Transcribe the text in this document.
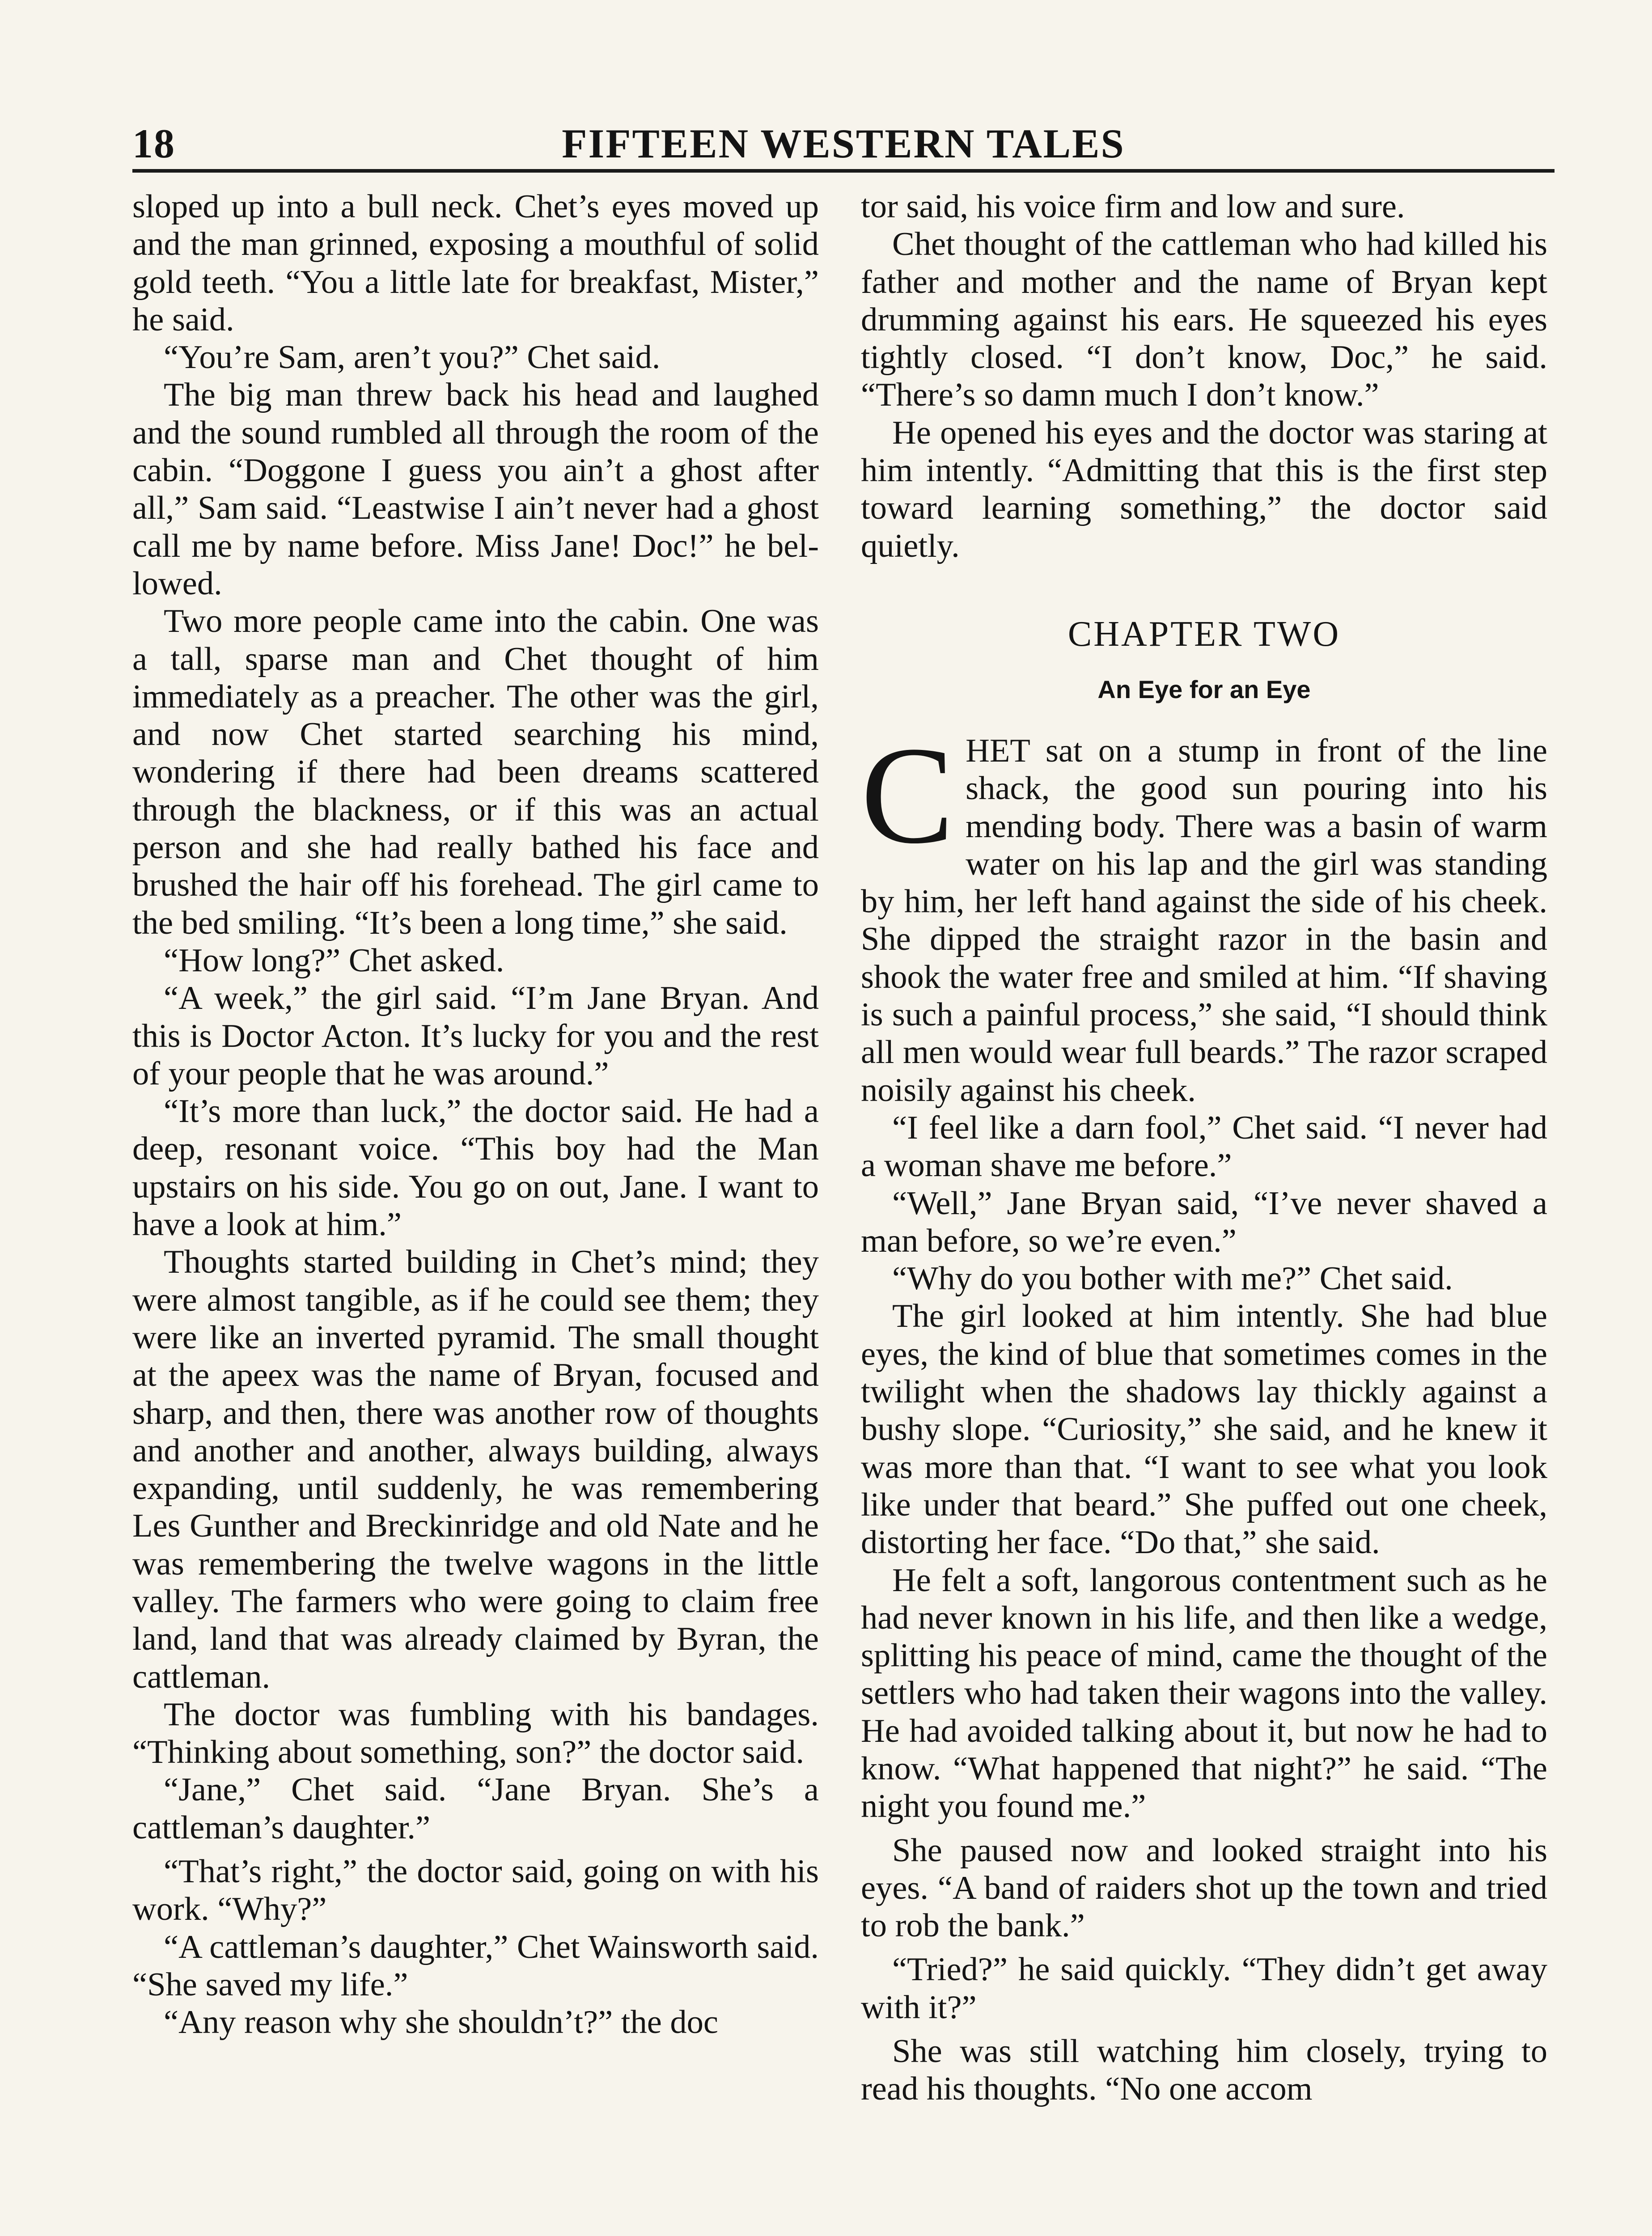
18	FIFTEEN WESTERN TALES

sloped up into a bull neck. Chet’s eyes moved up and the man grinned, exposing a mouthful of solid gold teeth. “You a little late for breakfast, Mister,” he said.

“You’re Sam, aren’t you?” Chet said.

The big man threw back his head and laughed and the sound rumbled all through the room of the cabin. “Doggone I guess you ain’t a ghost after all,” Sam said. “Leastwise I ain’t never had a ghost call me by name before. Miss Jane! Doc!” he bellowed.

Two more people came into the cabin. One was a tall, sparse man and Chet thought of him immediately as a preacher. The other was the girl, and now Chet started searching his mind, wondering if there had been dreams scattered through the blackness, or if this was an actual person and she had really bathed his face and brushed the hair off his forehead. The girl came to the bed smiling. “It’s been a long time,” she said.

“How long?” Chet asked.

“A week,” the girl said. “I’m Jane Bryan. And this is Doctor Acton. It’s lucky for you and the rest of your people that he was around.”

“It’s more than luck,” the doctor said. He had a deep, resonant voice. “This boy had the Man upstairs on his side. You go on out, Jane. I want to have a look at him.”

Thoughts started building in Chet’s mind; they were almost tangible, as if he could see them; they were like an inverted pyramid. The small thought at the apeex was the name of Bryan, focused and sharp, and then, there was another row of thoughts and another and another, always building, always expanding, until suddenly, he was remembering Les Gunther and Breckinridge and old Nate and he was remembering the twelve wagons in the little valley. The farmers who were going to claim free land, land that was already claimed by Byran, the cattleman.

The doctor was fumbling with his bandages. “Thinking about something, son?” the doctor said.

“Jane,” Chet said. “Jane Bryan. She’s a cattleman’s daughter.”

“That’s right,” the doctor said, going on with his work. “Why?”

“A cattleman’s daughter,” Chet Wainsworth said. “She saved my life.”

“Any reason why she shouldn’t?” the doc

tor said, his voice firm and low and sure.

Chet thought of the cattleman who had killed his father and mother and the name of Bryan kept drumming against his ears. He squeezed his eyes tightly closed. “I don’t know, Doc,” he said. “There’s so damn much I don’t know.”

He opened his eyes and the doctor was staring at him intently. “Admitting that this is the first step toward learning something,” the doctor said quietly.

CHAPTER TWO
An Eye for an Eye
C HET sat on a stump in front of the line shack, the good sun pouring into his mending body. There was a basin of warm water on his lap and the girl was standing by him, her left hand against the side of his cheek. She dipped the straight razor in the basin and shook the water free and smiled at him. “If shaving is such a painful process,” she said, “I should think all men would wear full beards.” The razor scraped noisily against his cheek.

“I feel like a darn fool,” Chet said. “I never had a woman shave me before.”

“Well,” Jane Bryan said, “I’ve never shaved a man before, so we’re even.”

“Why do you bother with me?” Chet said.

The girl looked at him intently. She had blue eyes, the kind of blue that sometimes comes in the twilight when the shadows lay thickly against a bushy slope. “Curiosity,” she said, and he knew it was more than that. “I want to see what you look like under that beard.” She puffed out one cheek, distorting her face. “Do that,” she said.

He felt a soft, langorous contentment such as he had never known in his life, and then like a wedge, splitting his peace of mind, came the thought of the settlers who had taken their wagons into the valley. He had avoided talking about it, but now he had to know. “What happened that night?” he said. “The night you found me.”

She paused now and looked straight into his eyes. “A band of raiders shot up the town and tried to rob the bank.”

“Tried?” he said quickly. “They didn’t get away with it?”

She was still watching him closely, trying to read his thoughts. “No one accom
